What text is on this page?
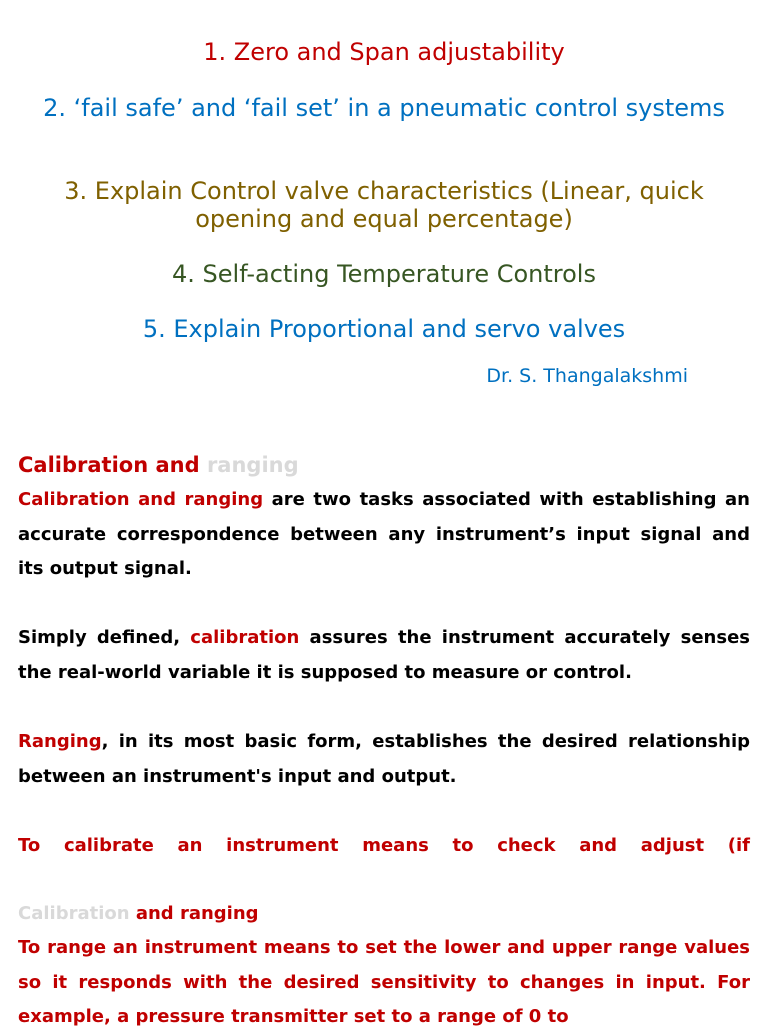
1. Zero and Span adjustability
2. ‘fail safe’ and ‘fail set’ in a pneumatic control systems
3. Explain Control valve characteristics (Linear, quick opening and equal percentage)
4. Self-acting Temperature Controls
5. Explain Proportional and servo valves
Dr. S. Thangalakshmi
Calibration and ranging

Calibration and ranging are two tasks associated with establishing an accurate correspondence between any instrument’s input signal and its output signal.

Simply defined, calibration assures the instrument accurately senses the real-world variable it is supposed to measure or control.

Ranging, in its most basic form, establishes the desired relationship between an instrument's input and output.

To calibrate an instrument means to check and adjust (if

Calibration and ranging

To range an instrument means to set the lower and upper range values so it responds with the desired sensitivity to changes in input. For example, a pressure transmitter set to a range of 0 to
